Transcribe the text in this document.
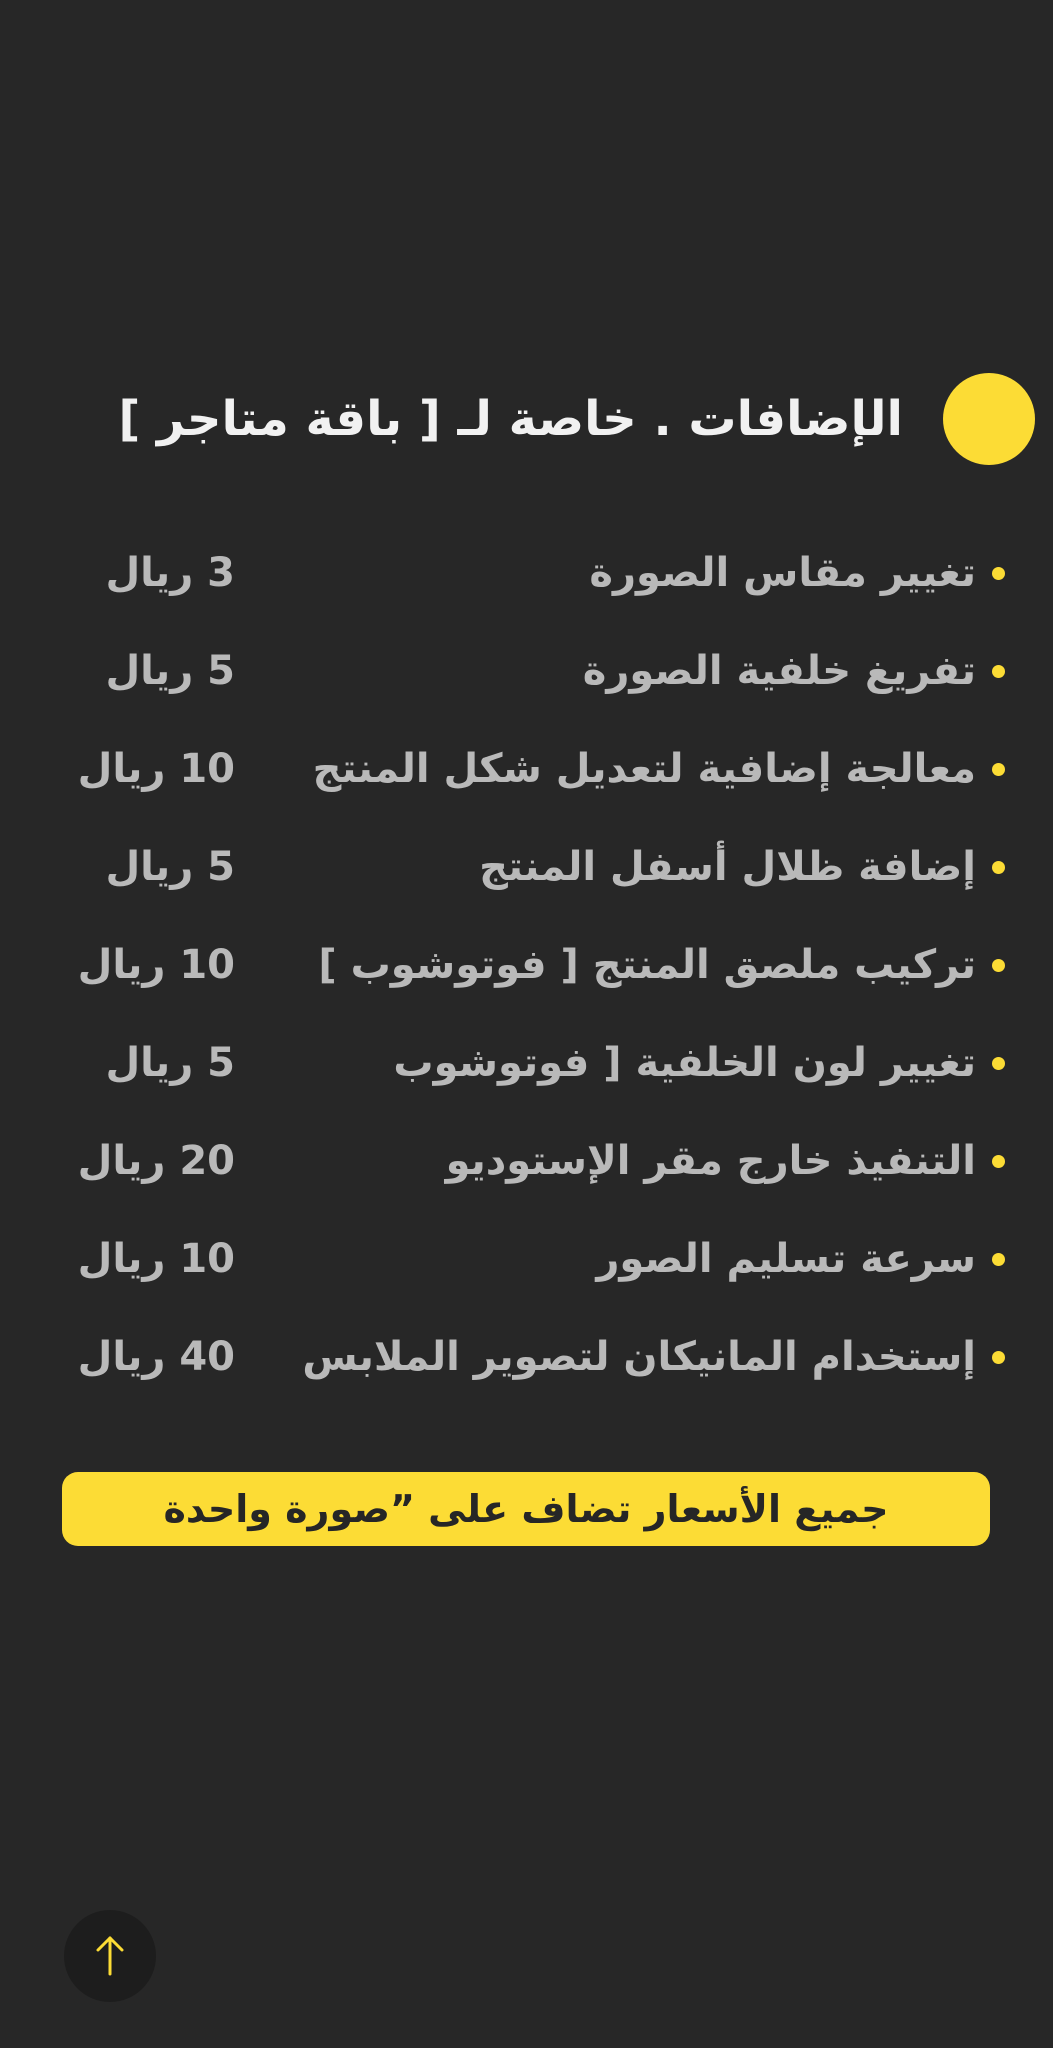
الإضافات . خاصة لـ [ باقة متاجر ]
تغيير مقاس الصورة
3 ريال
تفريغ خلفية الصورة
5 ريال
معالجة إضافية لتعديل شكل المنتج
10 ريال
إضافة ظلال أسفل المنتج
5 ريال
تركيب ملصق المنتج [ فوتوشوب ]
10 ريال
تغيير لون الخلفية [ فوتوشوب
5 ريال
التنفيذ خارج مقر الإستوديو
20 ريال
سرعة تسليم الصور
10 ريال
إستخدام المانيكان لتصوير الملابس
40 ريال
جميع الأسعار تضاف على ”صورة واحدة
